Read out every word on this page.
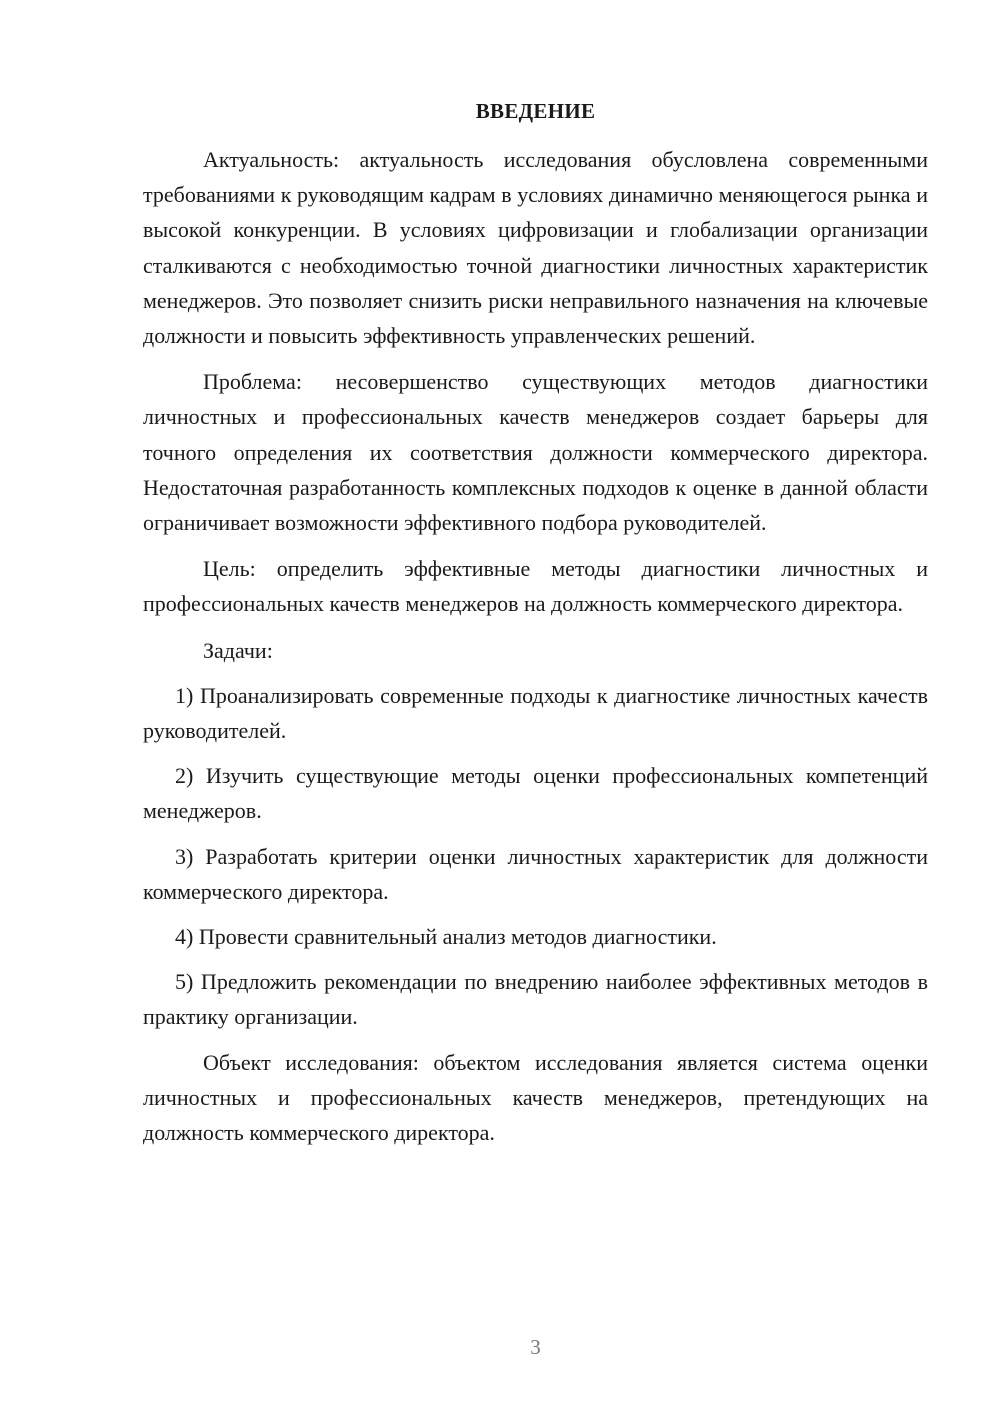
ВВЕДЕНИЕ

Актуальность: актуальность исследования обусловлена современными требованиями к руководящим кадрам в условиях динамично меняющегося рынка и высокой конкуренции. В условиях цифровизации и глобализации организации сталкиваются с необходимостью точной диагностики личностных характеристик менеджеров. Это позволяет снизить риски неправильного назначения на ключевые должности и повысить эффективность управленческих решений.

Проблема: несовершенство существующих методов диагностики личностных и профессиональных качеств менеджеров создает барьеры для точного определения их соответствия должности коммерческого директора. Недостаточная разработанность комплексных подходов к оценке в данной области ограничивает возможности эффективного подбора руководителей.

Цель: определить эффективные методы диагностики личностных и профессиональных качеств менеджеров на должность коммерческого директора.

Задачи:

1) Проанализировать современные подходы к диагностике личностных качеств руководителей.

2) Изучить существующие методы оценки профессиональных компетенций менеджеров.

3) Разработать критерии оценки личностных характеристик для должности коммерческого директора.

4) Провести сравнительный анализ методов диагностики.

5) Предложить рекомендации по внедрению наиболее эффективных методов в практику организации.

Объект исследования: объектом исследования является система оценки личностных и профессиональных качеств менеджеров, претендующих на должность коммерческого директора.

3
